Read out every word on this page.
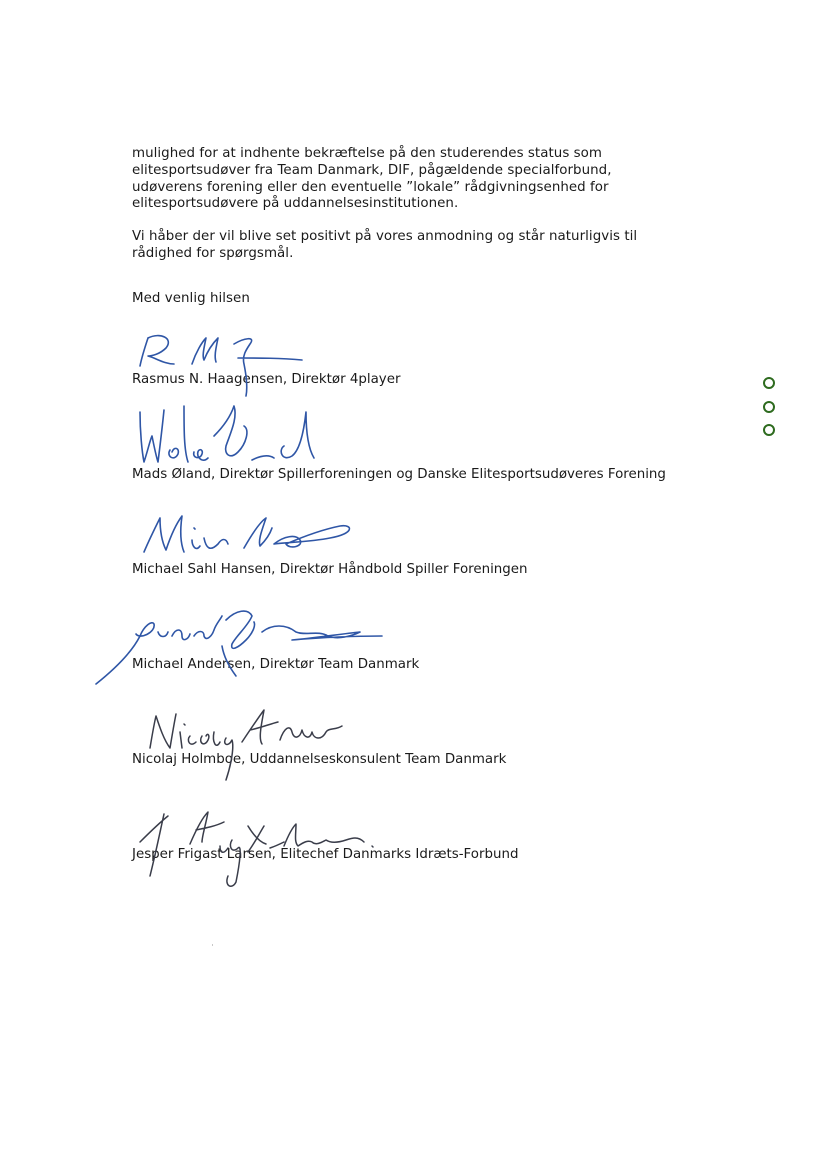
mulighed for at indhente bekræftelse på den studerendes status som
elitesportsudøver fra Team Danmark, DIF, pågældende specialforbund,
udøverens forening eller den eventuelle ”lokale” rådgivningsenhed for
elitesportsudøvere på uddannelsesinstitutionen.
Vi håber der vil blive set positivt på vores anmodning og står naturligvis til
rådighed for spørgsmål.
Med venlig hilsen
Rasmus N. Haagensen, Direktør 4player
Mads Øland, Direktør Spillerforeningen og Danske Elitesportsudøveres Forening
Michael Sahl Hansen, Direktør Håndbold Spiller Foreningen
Michael Andersen, Direktør Team Danmark
Nicolaj Holmboe, Uddannelseskonsulent Team Danmark
Jesper Frigast Larsen, Elitechef Danmarks Idræts-Forbund
